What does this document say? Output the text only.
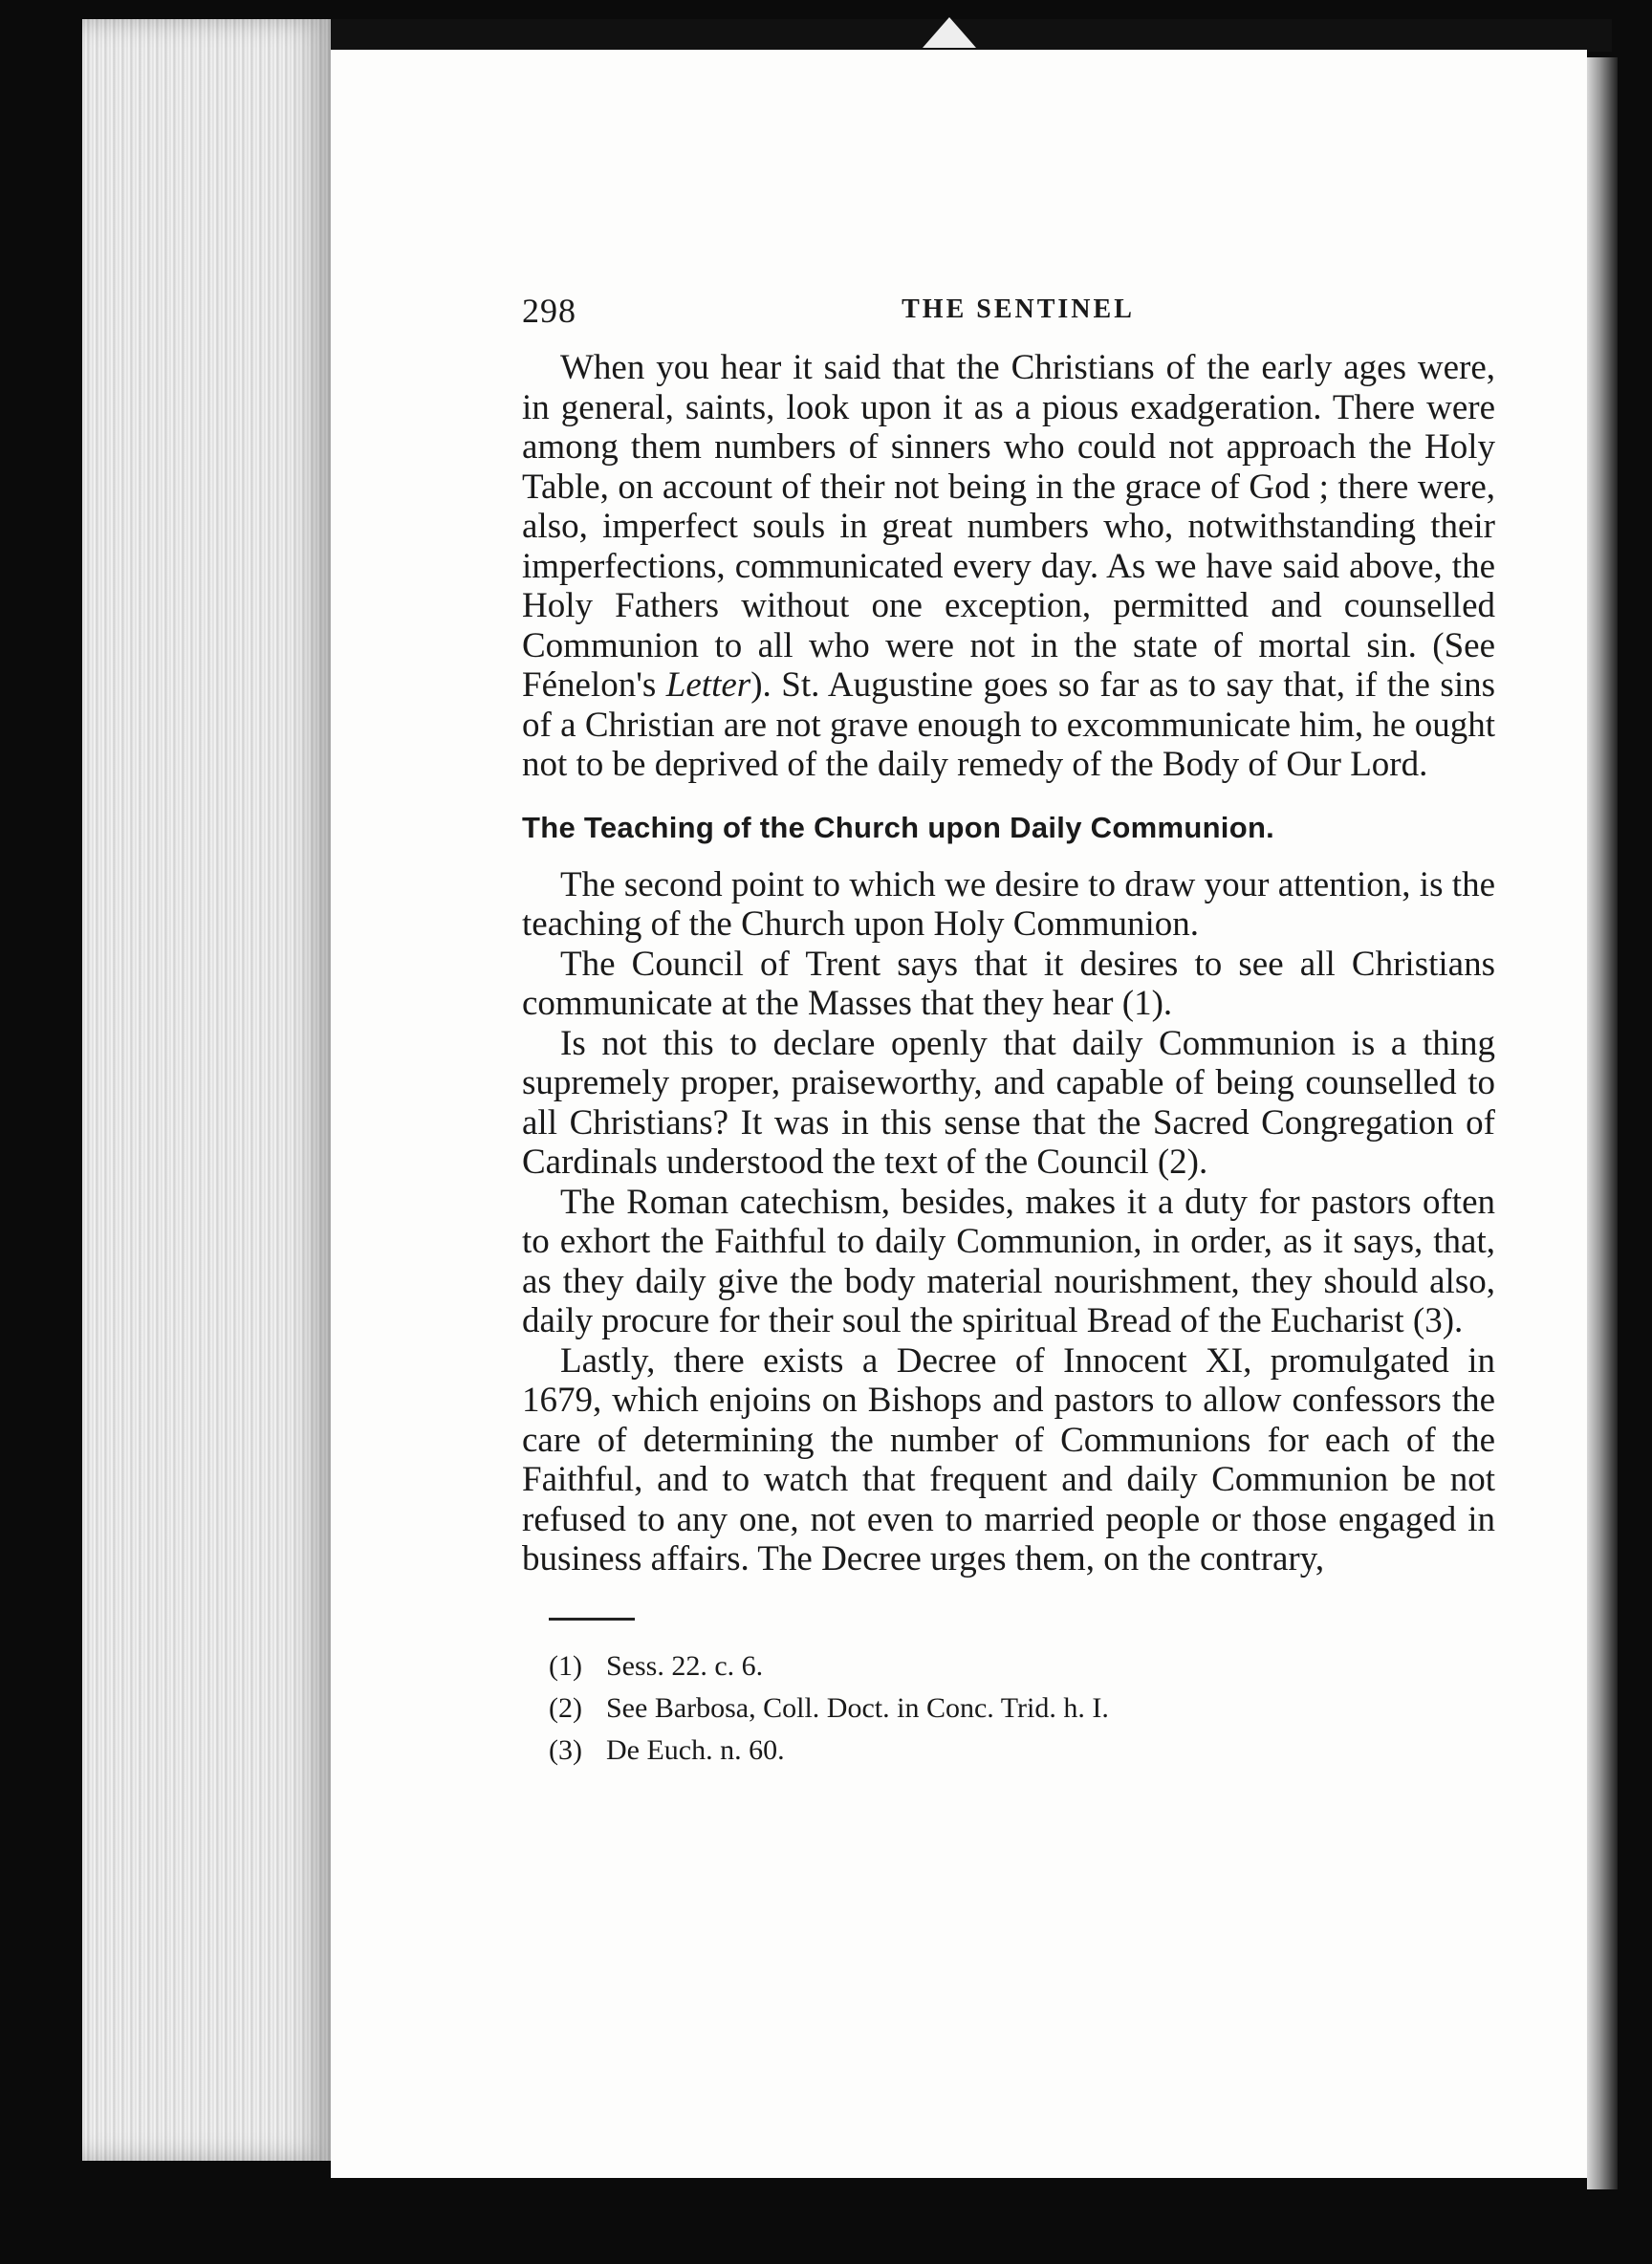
298	THE SENTINEL

When you hear it said that the Christians of the early ages were, in general, saints, look upon it as a pious exadgeration. There were among them numbers of sinners who could not approach the Holy Table, on account of their not being in the grace of God ; there were, also, imperfect souls in great numbers who, notwithstanding their imperfections, communicated every day. As we have said above, the Holy Fathers without one exception, permitted and counselled Communion to all who were not in the state of mortal sin. (See Fénelon's Letter). St. Augustine goes so far as to say that, if the sins of a Christian are not grave enough to excommunicate him, he ought not to be deprived of the daily remedy of the Body of Our Lord.

The Teaching of the Church upon Daily Communion.

The second point to which we desire to draw your attention, is the teaching of the Church upon Holy Communion.

The Council of Trent says that it desires to see all Christians communicate at the Masses that they hear (1).

Is not this to declare openly that daily Communion is a thing supremely proper, praiseworthy, and capable of being counselled to all Christians? It was in this sense that the Sacred Congregation of Cardinals understood the text of the Council (2).

The Roman catechism, besides, makes it a duty for pastors often to exhort the Faithful to daily Communion, in order, as it says, that, as they daily give the body material nourishment, they should also, daily procure for their soul the spiritual Bread of the Eucharist (3).

Lastly, there exists a Decree of Innocent XI, promulgated in 1679, which enjoins on Bishops and pastors to allow confessors the care of determining the number of Communions for each of the Faithful, and to watch that frequent and daily Communion be not refused to any one, not even to married people or those engaged in business affairs. The Decree urges them, on the contrary,

(1) Sess. 22. c. 6.

(2) See Barbosa, Coll. Doct. in Conc. Trid. h. I.

(3) De Euch. n. 60.
